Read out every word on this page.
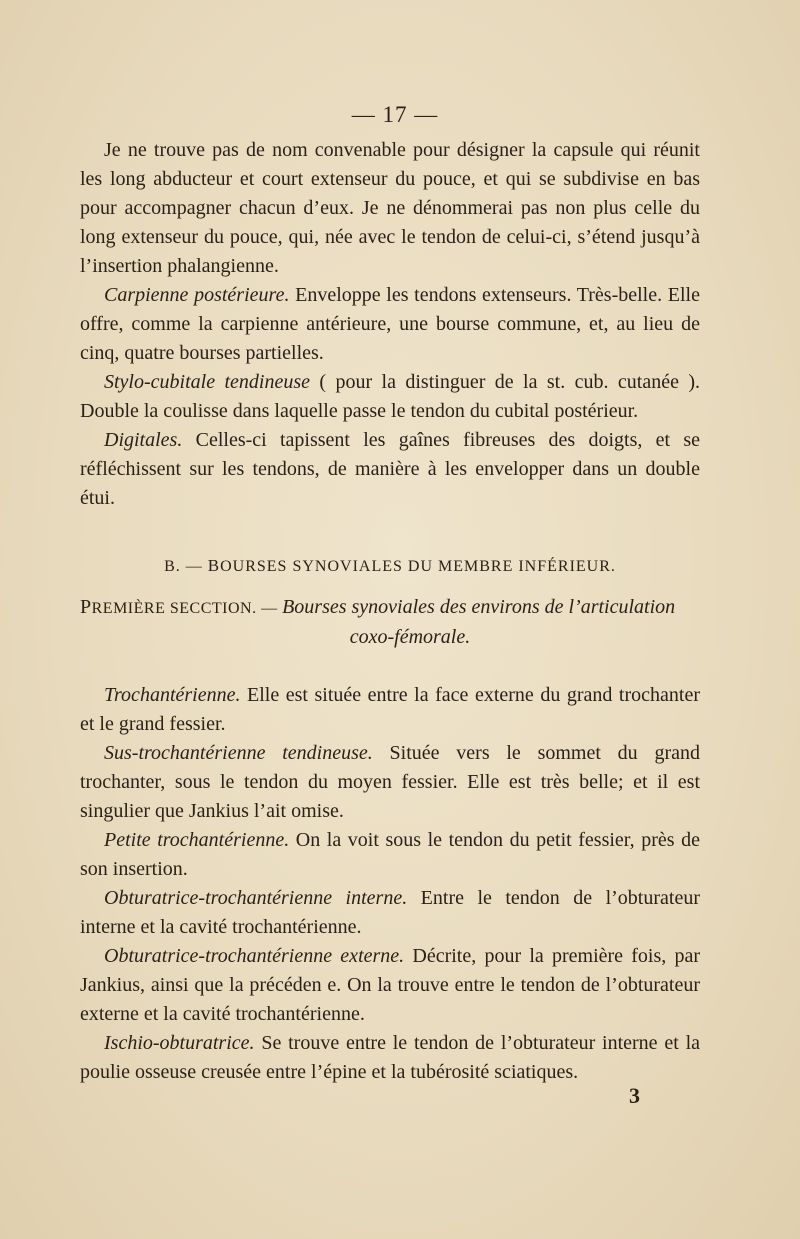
— 17 —

Je ne trouve pas de nom convenable pour désigner la capsule qui réunit les long abducteur et court extenseur du pouce, et qui se subdivise en bas pour accompagner chacun d’eux. Je ne dénommerai pas non plus celle du long extenseur du pouce, qui, née avec le tendon de celui-ci, s’étend jusqu’à l’insertion phalangienne.

Carpienne postérieure. Enveloppe les tendons extenseurs. Très-belle. Elle offre, comme la carpienne antérieure, une bourse commune, et, au lieu de cinq, quatre bourses partielles.

Stylo-cubitale tendineuse ( pour la distinguer de la st. cub. cutanée ). Double la coulisse dans laquelle passe le tendon du cubital postérieur.

Digitales. Celles-ci tapissent les gaînes fibreuses des doigts, et se réfléchissent sur les tendons, de manière à les envelopper dans un double étui.

B. — BOURSES SYNOVIALES DU MEMBRE INFÉRIEUR.
PREMIÈRE SECCTION. — Bourses synoviales des environs de l’articulation
coxo-fémorale.

Trochantérienne. Elle est située entre la face externe du grand trochanter et le grand fessier.

Sus-trochantérienne tendineuse. Située vers le sommet du grand trochanter, sous le tendon du moyen fessier. Elle est très belle; et il est singulier que Jankius l’ait omise.

Petite trochantérienne. On la voit sous le tendon du petit fessier, près de son insertion.

Obturatrice-trochantérienne interne. Entre le tendon de l’obturateur interne et la cavité trochantérienne.

Obturatrice-trochantérienne externe. Décrite, pour la première fois, par Jankius, ainsi que la précéden e. On la trouve entre le tendon de l’obturateur externe et la cavité trochantérienne.

Ischio-obturatrice. Se trouve entre le tendon de l’obturateur interne et la poulie osseuse creusée entre l’épine et la tubérosité sciatiques.

3
